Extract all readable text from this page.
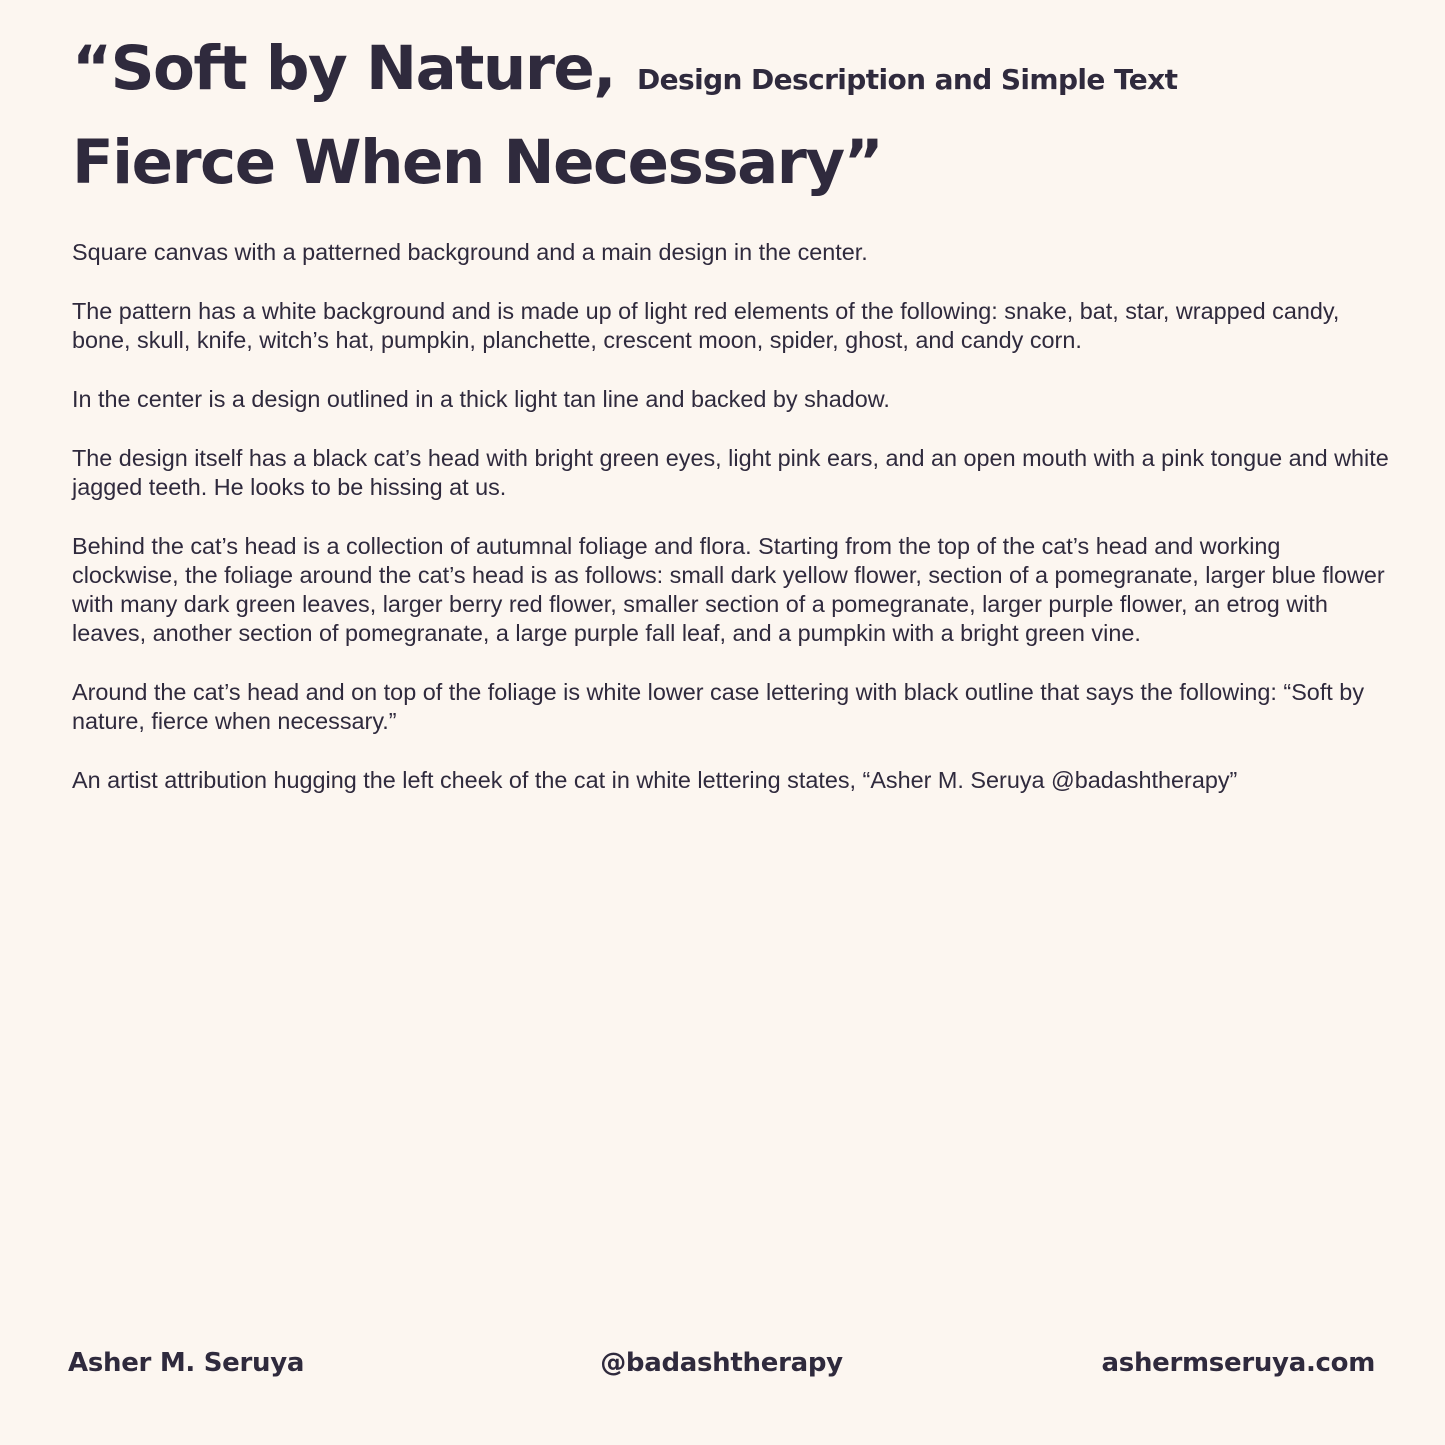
“Soft by Nature, Design Description and Simple Text
Fierce When Necessary”

Square canvas with a patterned background and a main design in the center.

The pattern has a white background and is made up of light red elements of the following: snake, bat, star, wrapped candy, bone, skull, knife, witch’s hat, pumpkin, planchette, crescent moon, spider, ghost, and candy corn.

In the center is a design outlined in a thick light tan line and backed by shadow.

The design itself has a black cat’s head with bright green eyes, light pink ears, and an open mouth with a pink tongue and white jagged teeth. He looks to be hissing at us.

Behind the cat’s head is a collection of autumnal foliage and flora. Starting from the top of the cat’s head and working clockwise, the foliage around the cat’s head is as follows: small dark yellow flower, section of a pomegranate, larger blue flower with many dark green leaves, larger berry red flower, smaller section of a pomegranate, larger purple flower, an etrog with leaves, another section of pomegranate, a large purple fall leaf, and a pumpkin with a bright green vine.

Around the cat’s head and on top of the foliage is white lower case lettering with black outline that says the following: “Soft by nature, fierce when necessary.”

An artist attribution hugging the left cheek of the cat in white lettering states, “Asher M. Seruya @badashtherapy”

Asher M. Seruya	@badashtherapy	ashermseruya.com
